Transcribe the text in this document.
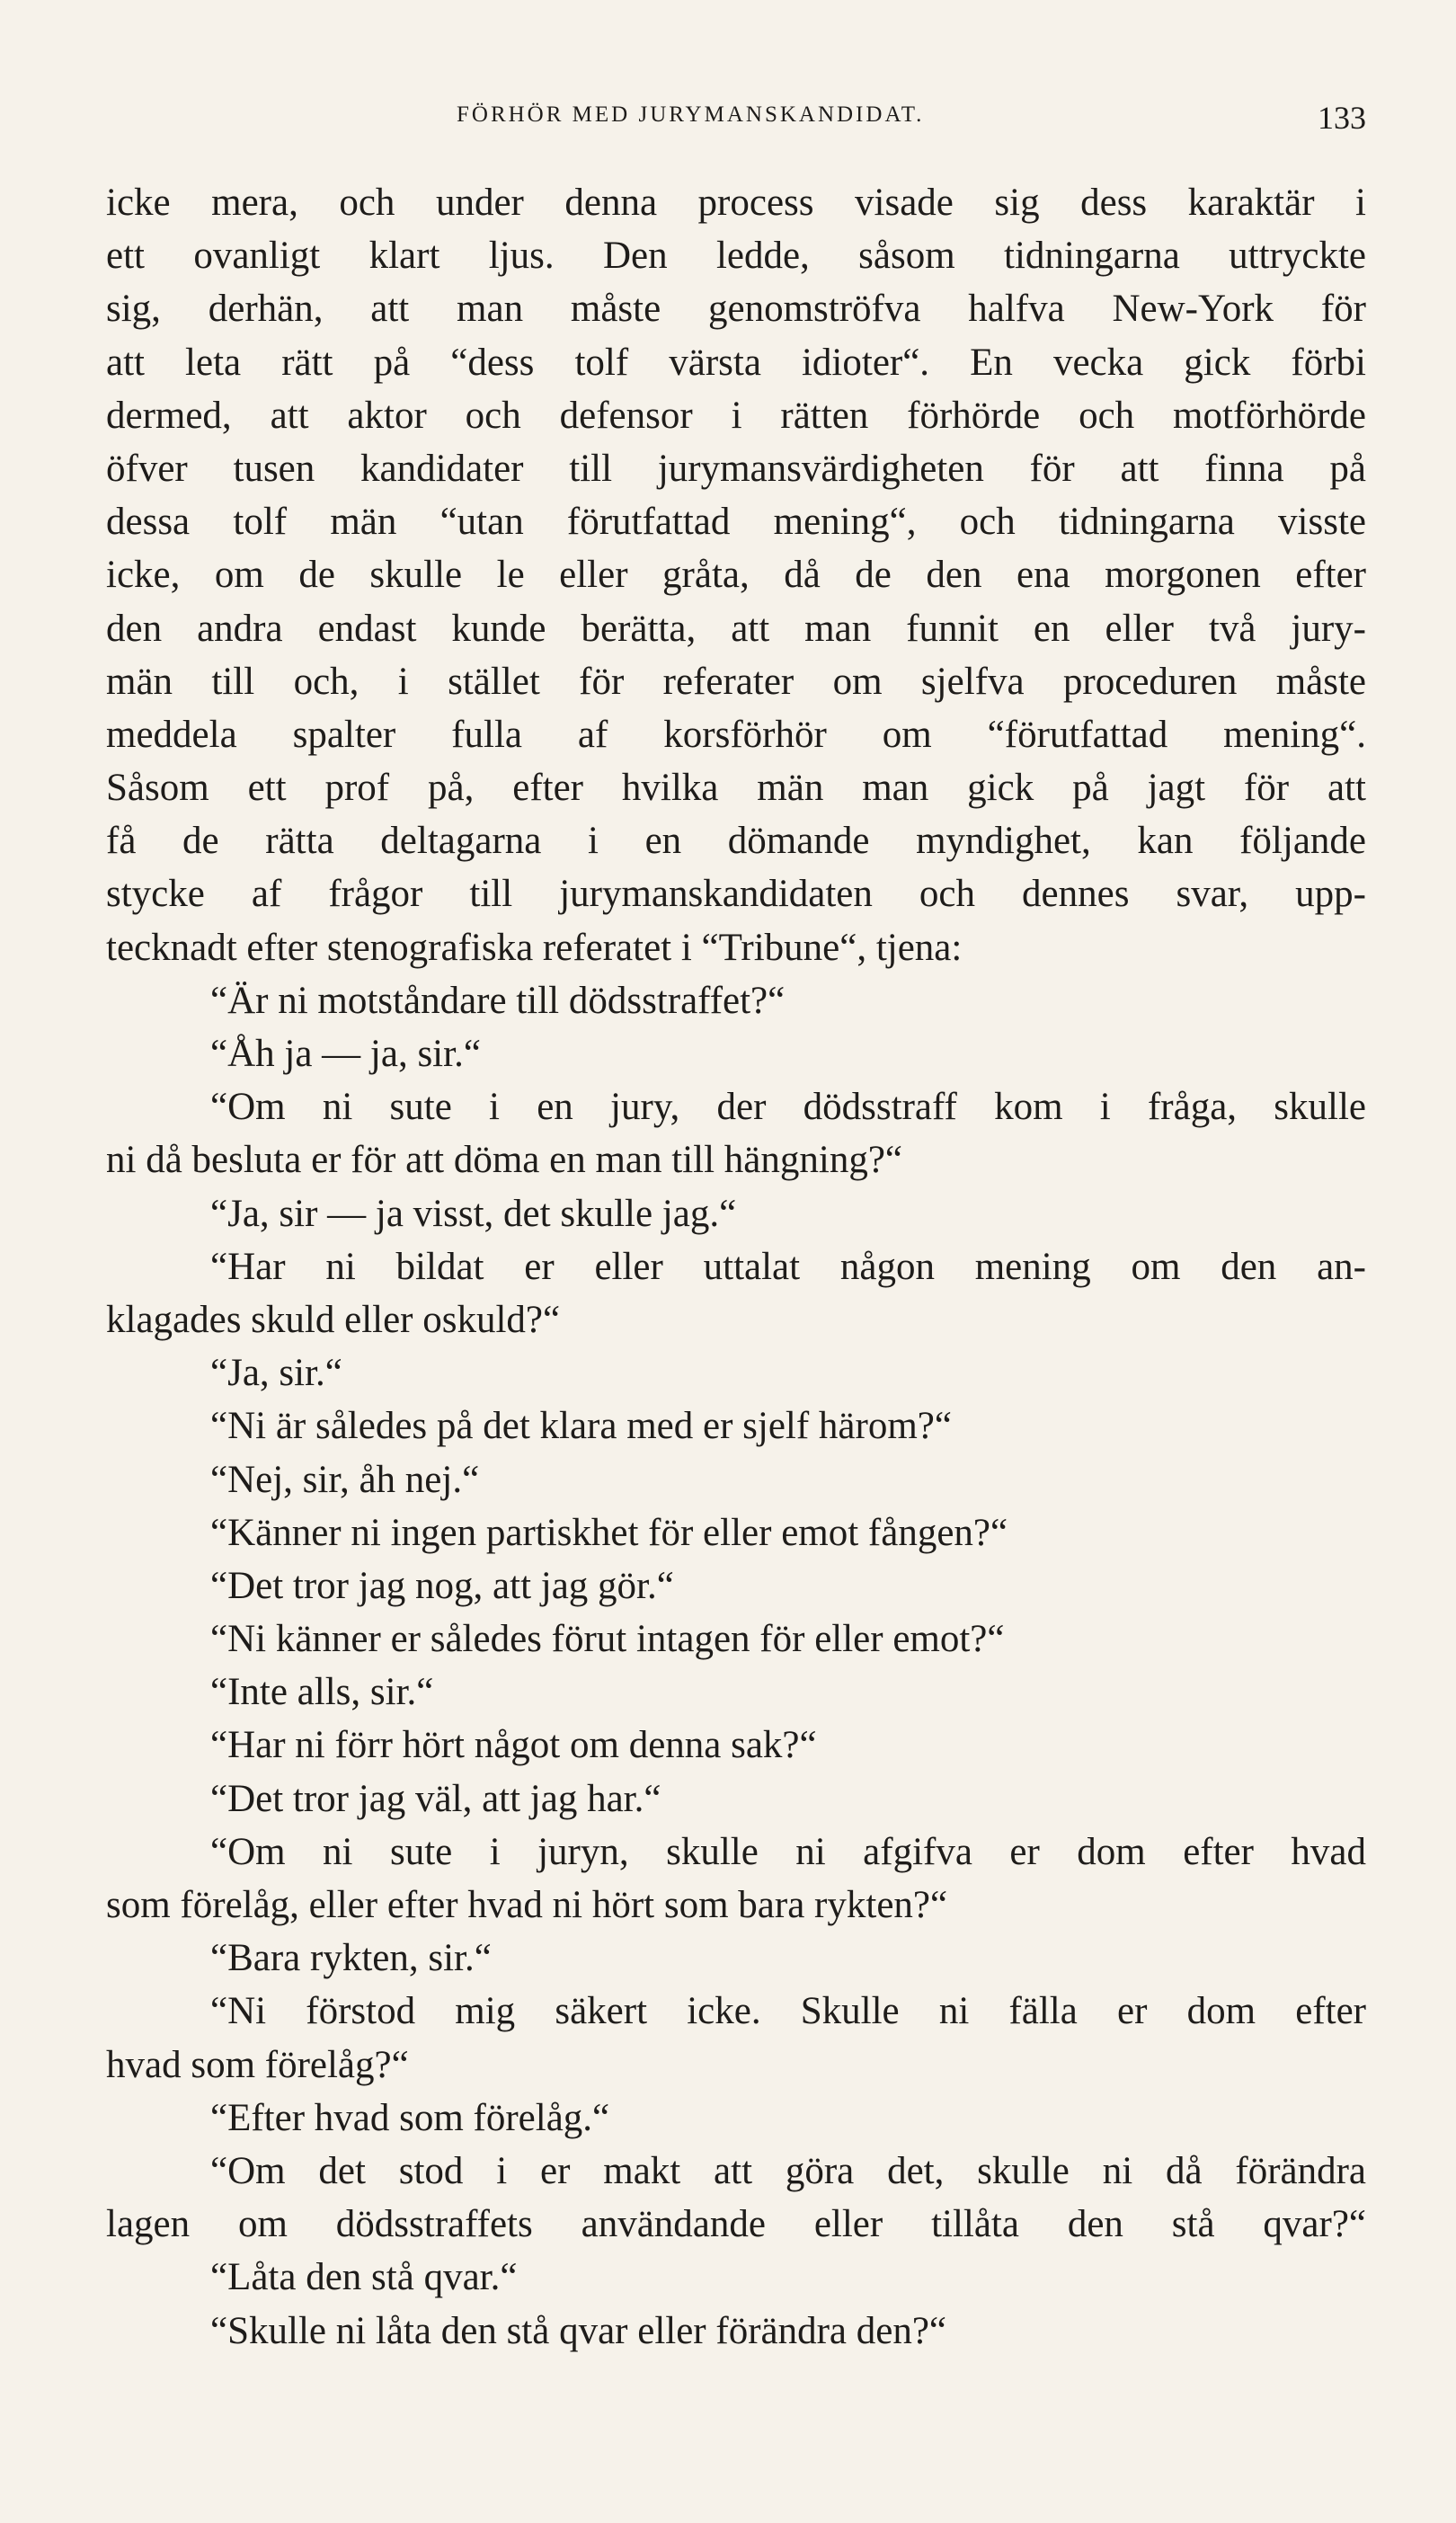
FÖRHÖR MED JURYMANSKANDIDAT.	133
icke mera, och under denna process visade sig dess karaktär i
ett ovanligt klart ljus. Den ledde, såsom tidningarna uttryckte
sig, derhän, att man måste genomströfva halfva New-York för
att leta rätt på “dess tolf värsta idioter“. En vecka gick förbi
dermed, att aktor och defensor i rätten förhörde och motförhörde
öfver tusen kandidater till jurymansvärdigheten för att finna på
dessa tolf män “utan förutfattad mening“, och tidningarna visste
icke, om de skulle le eller gråta, då de den ena morgonen efter
den andra endast kunde berätta, att man funnit en eller två jury-
män till och, i stället för referater om sjelfva proceduren måste
meddela spalter fulla af korsförhör om “förutfattad mening“.
Såsom ett prof på, efter hvilka män man gick på jagt för att
få de rätta deltagarna i en dömande myndighet, kan följande
stycke af frågor till jurymanskandidaten och dennes svar, upp-
tecknadt efter stenografiska referatet i “Tribune“, tjena:
“Är ni motståndare till dödsstraffet?“
“Åh ja — ja, sir.“
“Om ni sute i en jury, der dödsstraff kom i fråga, skulle
ni då besluta er för att döma en man till hängning?“
“Ja, sir — ja visst, det skulle jag.“
“Har ni bildat er eller uttalat någon mening om den an-
klagades skuld eller oskuld?“
“Ja, sir.“
“Ni är således på det klara med er sjelf härom?“
“Nej, sir, åh nej.“
“Känner ni ingen partiskhet för eller emot fången?“
“Det tror jag nog, att jag gör.“
“Ni känner er således förut intagen för eller emot?“
“Inte alls, sir.“
“Har ni förr hört något om denna sak?“
“Det tror jag väl, att jag har.“
“Om ni sute i juryn, skulle ni afgifva er dom efter hvad
som förelåg, eller efter hvad ni hört som bara rykten?“
“Bara rykten, sir.“
“Ni förstod mig säkert icke. Skulle ni fälla er dom efter
hvad som förelåg?“
“Efter hvad som förelåg.“
“Om det stod i er makt att göra det, skulle ni då förändra
lagen om dödsstraffets användande eller tillåta den stå qvar?“
“Låta den stå qvar.“
“Skulle ni låta den stå qvar eller förändra den?“
